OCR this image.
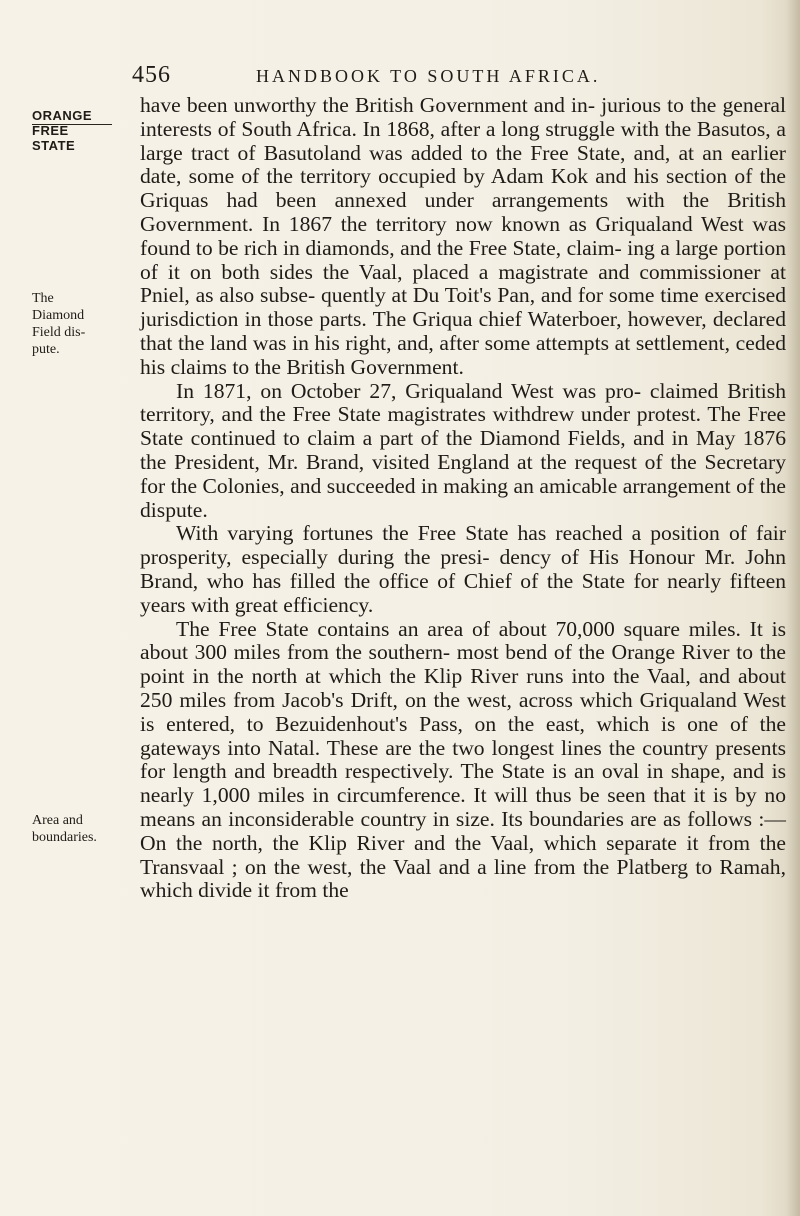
456	HANDBOOK TO SOUTH AFRICA.
ORANGE FREE STATE
The Diamond Field dis- pute.
Area and boundaries.

have been unworthy the British Government and in- jurious to the general interests of South Africa. In 1868, after a long struggle with the Basutos, a large tract of Basutoland was added to the Free State, and, at an earlier date, some of the territory occupied by Adam Kok and his section of the Griquas had been annexed under arrangements with the British Government. In 1867 the territory now known as Griqualand West was found to be rich in diamonds, and the Free State, claim- ing a large portion of it on both sides the Vaal, placed a magistrate and commissioner at Pniel, as also subse- quently at Du Toit's Pan, and for some time exercised jurisdiction in those parts. The Griqua chief Waterboer, however, declared that the land was in his right, and, after some attempts at settlement, ceded his claims to the British Government.

In 1871, on October 27, Griqualand West was pro- claimed British territory, and the Free State magistrates withdrew under protest. The Free State continued to claim a part of the Diamond Fields, and in May 1876 the President, Mr. Brand, visited England at the request of the Secretary for the Colonies, and succeeded in making an amicable arrangement of the dispute.

With varying fortunes the Free State has reached a position of fair prosperity, especially during the presi- dency of His Honour Mr. John Brand, who has filled the office of Chief of the State for nearly fifteen years with great efficiency.

The Free State contains an area of about 70,000 square miles. It is about 300 miles from the southern- most bend of the Orange River to the point in the north at which the Klip River runs into the Vaal, and about 250 miles from Jacob's Drift, on the west, across which Griqualand West is entered, to Bezuidenhout's Pass, on the east, which is one of the gateways into Natal. These are the two longest lines the country presents for length and breadth respectively. The State is an oval in shape, and is nearly 1,000 miles in circumference. It will thus be seen that it is by no means an inconsiderable country in size. Its boundaries are as follows :—On the north, the Klip River and the Vaal, which separate it from the Transvaal ; on the west, the Vaal and a line from the Platberg to Ramah, which divide it from the
